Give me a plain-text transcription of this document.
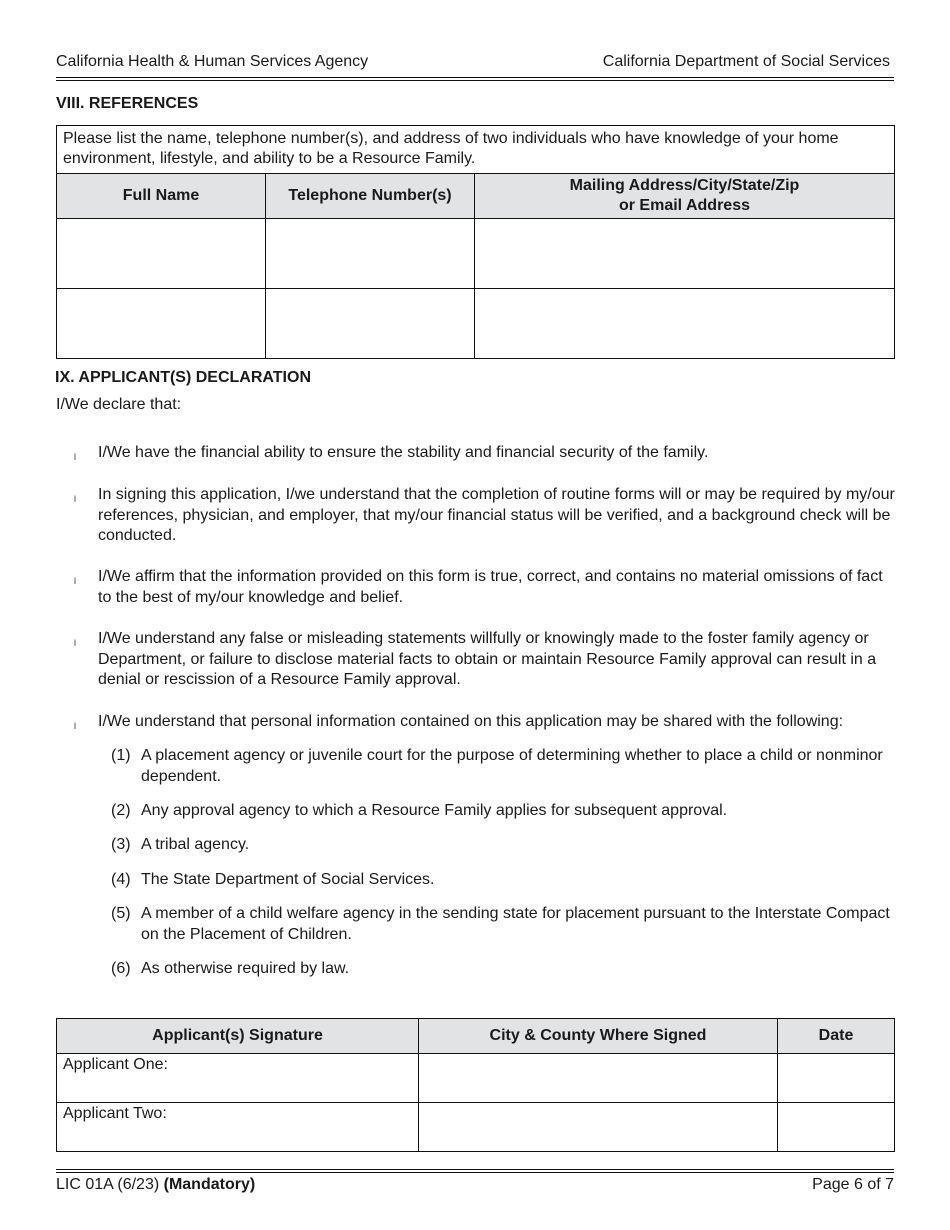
California Health & Human Services Agency	California Department of Social Services
VIII. REFERENCES
Please list the name, telephone number(s), and address of two individuals who have knowledge of your home environment, lifestyle, and ability to be a Resource Family.		
Full Name	Telephone Number(s)	Mailing Address/City/State/Zip
or Email Address

IX. APPLICANT(S) DECLARATION
I/We declare that:
l I/We have the financial ability to ensure the stability and financial security of the family.
l In signing this application, I/we understand that the completion of routine forms will or may be required by my/our references, physician, and employer, that my/our financial status will be verified, and a background check will be conducted.
l I/We affirm that the information provided on this form is true, correct, and contains no material omissions of fact to the best of my/our knowledge and belief.
l I/We understand any false or misleading statements willfully or knowingly made to the foster family agency or Department, or failure to disclose material facts to obtain or maintain Resource Family approval can result in a denial or rescission of a Resource Family approval.
l I/We understand that personal information contained on this application may be shared with the following:
(1) A placement agency or juvenile court for the purpose of determining whether to place a child or nonminor dependent.
(2) Any approval agency to which a Resource Family applies for subsequent approval.
(3) A tribal agency.
(4) The State Department of Social Services.
(5) A member of a child welfare agency in the sending state for placement pursuant to the Interstate Compact on the Placement of Children.
(6) As otherwise required by law.
Applicant(s) Signature	City & County Where Signed	Date
Applicant One:		
Applicant Two:		
LIC 01A (6/23) (Mandatory)	Page 6 of 7
